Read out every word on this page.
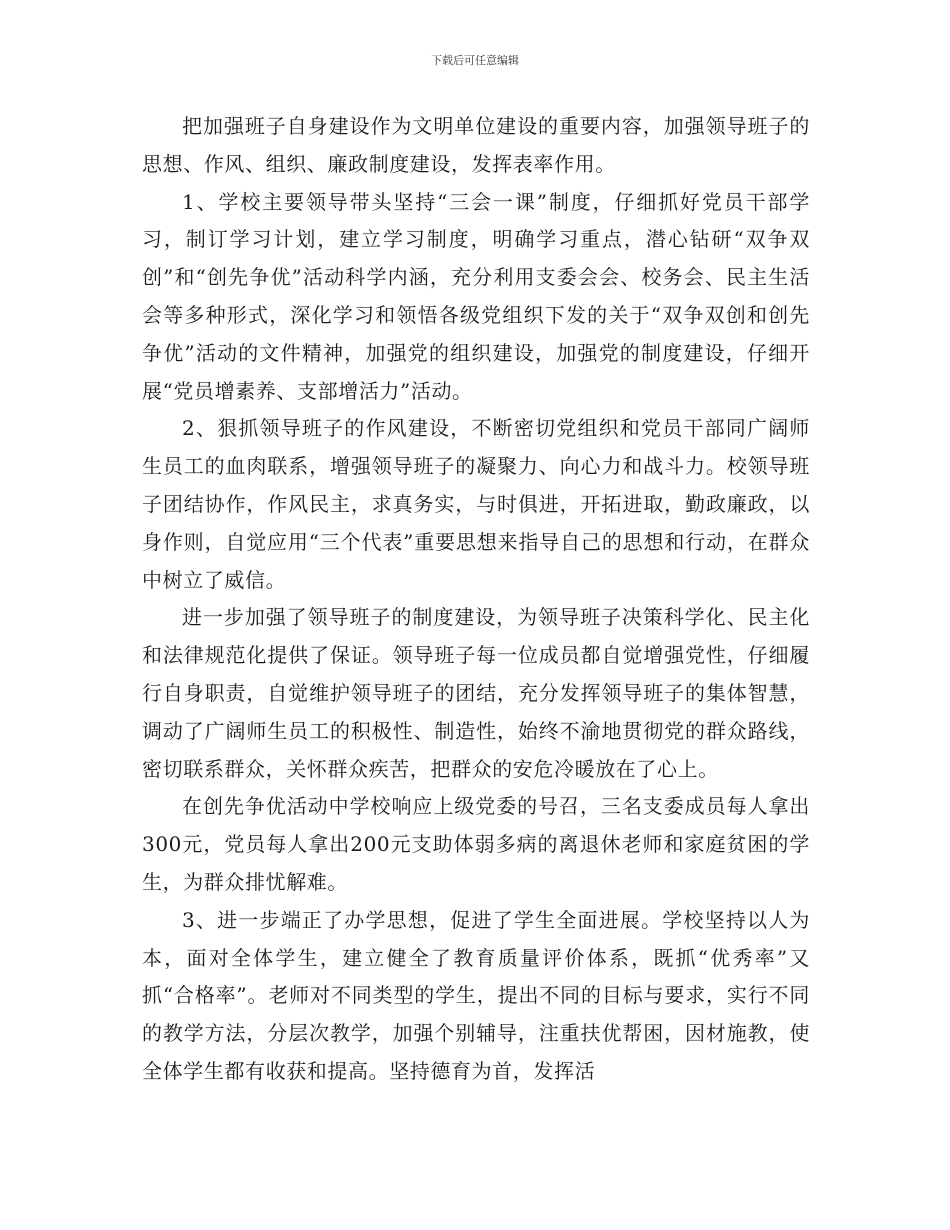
下载后可任意编辑

把加强班子自身建设作为文明单位建设的重要内容，加强领导班子的思想、作风、组织、廉政制度建设，发挥表率作用。

1、学校主要领导带头坚持“三会一课”制度，仔细抓好党员干部学习，制订学习计划，建立学习制度，明确学习重点，潜心钻研“双争双创”和“创先争优”活动科学内涵，充分利用支委会会、校务会、民主生活会等多种形式，深化学习和领悟各级党组织下发的关于“双争双创和创先争优”活动的文件精神，加强党的组织建设，加强党的制度建设，仔细开展“党员增素养、支部增活力”活动。

2、狠抓领导班子的作风建设，不断密切党组织和党员干部同广阔师生员工的血肉联系，增强领导班子的凝聚力、向心力和战斗力。校领导班子团结协作，作风民主，求真务实，与时俱进，开拓进取，勤政廉政，以身作则，自觉应用“三个代表”重要思想来指导自己的思想和行动，在群众中树立了威信。

进一步加强了领导班子的制度建设，为领导班子决策科学化、民主化和法律规范化提供了保证。领导班子每一位成员都自觉增强党性，仔细履行自身职责，自觉维护领导班子的团结，充分发挥领导班子的集体智慧，调动了广阔师生员工的积极性、制造性，始终不渝地贯彻党的群众路线，密切联系群众，关怀群众疾苦，把群众的安危冷暖放在了心上。

在创先争优活动中学校响应上级党委的号召，三名支委成员每人拿出300元，党员每人拿出200元支助体弱多病的离退休老师和家庭贫困的学生，为群众排忧解难。

3、进一步端正了办学思想，促进了学生全面进展。学校坚持以人为本，面对全体学生，建立健全了教育质量评价体系，既抓“优秀率”又抓“合格率”。老师对不同类型的学生，提出不同的目标与要求，实行不同的教学方法，分层次教学，加强个别辅导，注重扶优帮困，因材施教，使全体学生都有收获和提高。坚持德育为首，发挥活
